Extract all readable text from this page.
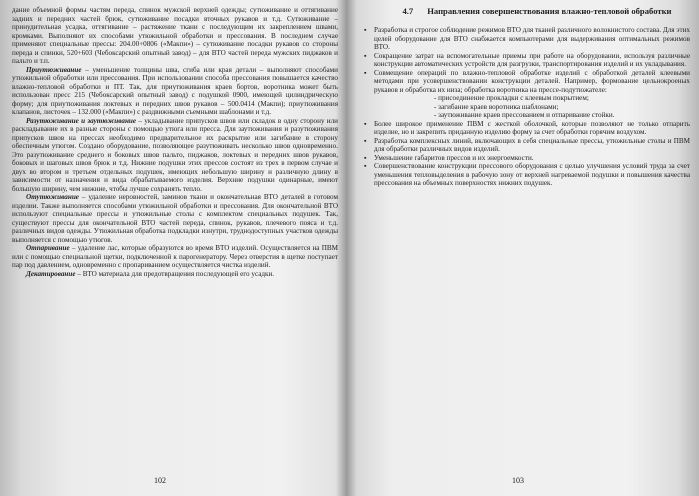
дание объемной формы частям переда, спинок мужской верхней одежды; сутюживание и оттягивание задних и передних частей брюк, сутюживание посадки вточных рукавов и т.д. Сутюживание – принудительная усадка, оттягивание – растяжение ткани с последующим их закреплением швами, кромками. Выполняют их способами утюжильной обработки и прессования. В последнем случае применяют специальные прессы: 204.00+0806 («Макпи») – сутюживание посадки рукавов со стороны переда и спинки, 520+603 (Чебоксарский опытный завод) – для ВТО частей переда мужских пиджаков и пальто и т.п.

Приутюживание – уменьшение толщины шва, сгиба или края детали – выполняют способами утюжильной обработки или прессования. При использовании способа прессования повышается качество влажно-тепловой обработки и ПТ. Так, для приутюживания краев бортов, воротника может быть использован пресс 215 (Чебоксарский опытный завод) с подушкой 0900, имеющей цилиндрическую форму; для приутюживания локтевых и передних швов рукавов – 500.0414 (Макпи); приутюживания клапанов, листочек – 132.000 («Макпи») с раздвижными съемными шаблонами и т.д.

Разутюживание и заутюживание – укладывание припусков швов или складок в одну сторону или раскладывание их в разные стороны с помощью утюга или пресса. Для заутюживания и разутюживания припусков швов на прессах необходимо предварительное их раскрытие или загибание в сторону обеспечным утюгом. Создано оборудование, позволяющее разутюживать несколько швов одновременно. Это разутюживание среднего и боковых швов пальто, пиджаков, локтевых и передних швов рукавов, боковых и шаговых швов брюк и т.д. Нижние подушки этих прессов состоят из трех в первом случае и двух во втором и третьем отдельных подушек, имеющих небольшую ширину и различную длину в зависимости от назначения и вида обрабатываемого изделия. Верхние подушки одинарные, имеют большую ширину, чем нижние, чтобы лучше сохранять тепло.

Отутюживание – удаление неровностей, заминов ткани и окончательная ВТО деталей в готовом изделии. Также выполняется способами утюжильной обработки и прессования. Для окончательной ВТО используют специальные прессы и утюжильные столы с комплектом специальных подушек. Так, существуют прессы для окончательной ВТО частей переда, спинок, рукавов, плечевого пояса и т.д. различных видов одежды. Утюжильная обработка подкладки изнутри, труднодоступных участков одежды выполняется с помощью утюгов.

Отпаривание – удаление лас, которые образуются во время ВТО изделий. Осуществляется на ПВМ или с помощью специальной щетки, подключенной к парогенератору. Через отверстия в щетке поступает пар под давлением, одновременно с пропариванием осуществляется чистка изделий.

Декатирование – ВТО материала для предотвращения последующей его усадки.

102
4.7 Направления совершенствования влажно-тепловой обработки

▪ Разработка и строгое соблюдение режимов ВТО для тканей различного волокнистого состава. Для этих целей оборудование для ВТО снабжается компьютерами для выдерживания оптимальных режимов ВТО.

▪ Сокращение затрат на вспомогательные приемы при работе на оборудовании, используя различные конструкции автоматических устройств для разгрузки, транспортирования изделий и их укладывания.

▪ Совмещение операций по влажно-тепловой обработке изделий с обработкой деталей клеевыми методами при усовершенствовании конструкции деталей. Например, формование цельнокроеных рукавов и обработка их низа; обработка воротника на прессе-подутюжателе:

- присоединение прокладки с клеевым покрытием;

- загибание краев воротника шаблонами;

- заутюживание краев прессованием и отпаривание стойки.

▪ Более широкое применение ПВМ с жесткой оболочкой, которые позволяют не только отпарить изделие, но и закрепить приданную изделию форму за счет обработки горячим воздухом.

▪ Разработка комплексных линий, включающих в себя специальные прессы, утюжильные столы и ПВМ для обработки различных видов изделий.

▪ Уменьшение габаритов прессов и их энергоемкости.

▪ Совершенствование конструкции прессового оборудования с целью улучшения условий труда за счет уменьшения тепловыделения в рабочую зону от верхней нагреваемой подушки и повышения качества прессования на объемных поверхностях нижних подушек.

103
